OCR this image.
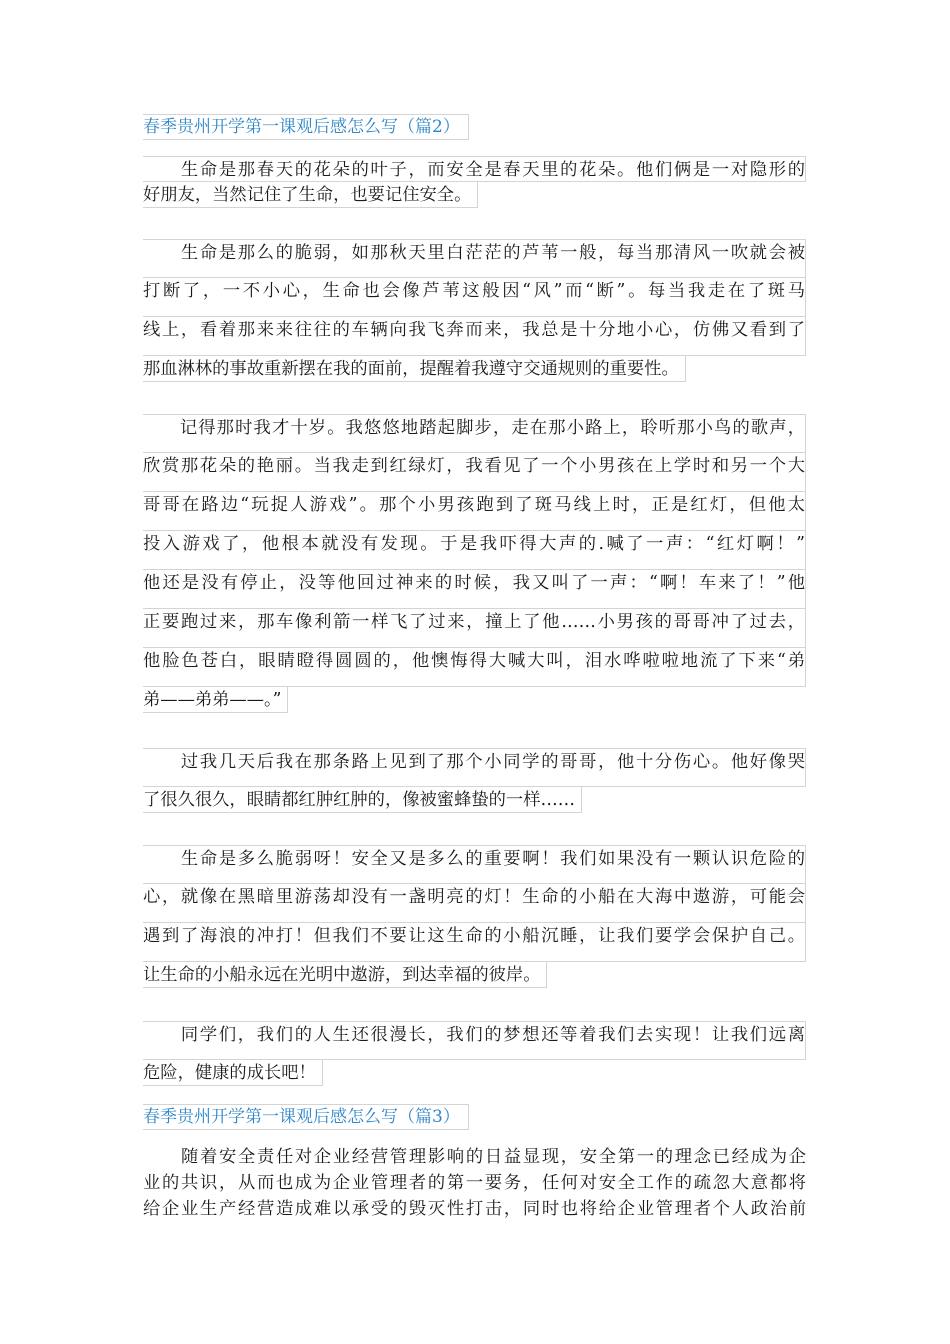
春季贵州开学第一课观后感怎么写（篇2）
　　生命是那春天的花朵的叶子，而安全是春天里的花朵。他们俩是一对隐形的
好朋友，当然记住了生命，也要记住安全。
　　生命是那么的脆弱，如那秋天里白茫茫的芦苇一般，每当那清风一吹就会被
打断了，一不小心，生命也会像芦苇这般因“风”而“断”。每当我走在了斑马
线上，看着那来来往往的车辆向我飞奔而来，我总是十分地小心，仿佛又看到了
那血淋林的事故重新摆在我的面前，提醒着我遵守交通规则的重要性。
　　记得那时我才十岁。我悠悠地踏起脚步，走在那小路上，聆听那小鸟的歌声，
欣赏那花朵的艳丽。当我走到红绿灯，我看见了一个小男孩在上学时和另一个大
哥哥在路边“玩捉人游戏”。那个小男孩跑到了斑马线上时，正是红灯，但他太
投入游戏了，他根本就没有发现。于是我吓得大声的.喊了一声：“红灯啊！”
他还是没有停止，没等他回过神来的时候，我又叫了一声：“啊！车来了！”他
正要跑过来，那车像利箭一样飞了过来，撞上了他……小男孩的哥哥冲了过去，
他脸色苍白，眼睛瞪得圆圆的，他懊悔得大喊大叫，泪水哗啦啦地流了下来“弟
弟——弟弟——。”
　　过我几天后我在那条路上见到了那个小同学的哥哥，他十分伤心。他好像哭
了很久很久，眼睛都红肿红肿的，像被蜜蜂蛰的一样……
　　生命是多么脆弱呀！安全又是多么的重要啊！我们如果没有一颗认识危险的
心，就像在黑暗里游荡却没有一盏明亮的灯！生命的小船在大海中遨游，可能会
遇到了海浪的冲打！但我们不要让这生命的小船沉睡，让我们要学会保护自己。
让生命的小船永远在光明中遨游，到达幸福的彼岸。
　　同学们，我们的人生还很漫长，我们的梦想还等着我们去实现！让我们远离
危险，健康的成长吧！
春季贵州开学第一课观后感怎么写（篇3）
　　随着安全责任对企业经营管理影响的日益显现，安全第一的理念已经成为企
业的共识，从而也成为企业管理者的第一要务，任何对安全工作的疏忽大意都将
给企业生产经营造成难以承受的毁灭性打击，同时也将给企业管理者个人政治前
